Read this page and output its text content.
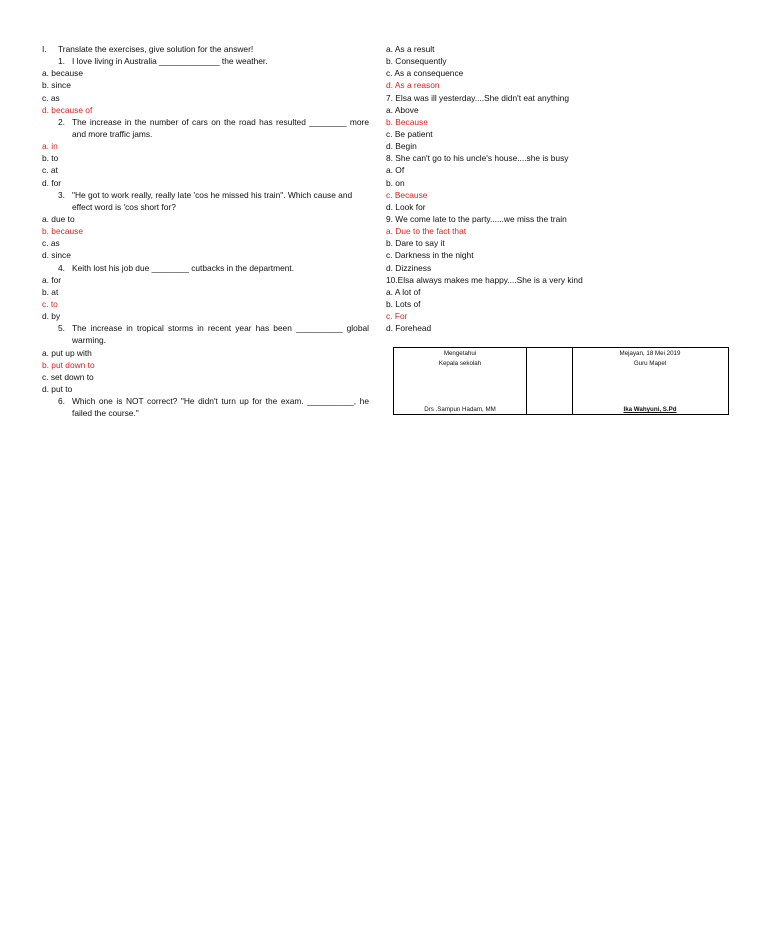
I. Translate the exercises, give solution for the answer!
1. I love living in Australia _____________ the weather.
a. because
b. since
c. as
d. because of
2. The increase in the number of cars on the road has resulted ________ more and more traffic jams.
a. in
b. to
c. at
d. for
3. "He got to work really, really late 'cos he missed his train". Which cause and effect word is 'cos short for?
a. due to
b. because
c. as
d. since
4. Keith lost his job due ________ cutbacks in the department.
a. for
b. at
c. to
d. by
5. The increase in tropical storms in recent year has been __________ global warming.
a. put up with
b. put down to
c. set down to
d. put to
6. Which one is NOT correct? "He didn't turn up for the exam. __________, he failed the course."
a. As a result
b. Consequently
c. As a consequence
d. As a reason
7. Elsa was ill yesterday....She didn't eat anything
a. Above
b. Because
c. Be patient
d. Begin
8. She can't go to his uncle's house....she is busy
a. Of
b. on
c. Because
d. Look for
9. We come late to the party......we miss the train
a. Due to the fact that
b. Dare to say it
c. Darkness in the night
d. Dizziness
10.Elsa always makes me happy....She is a very kind
a. A lot of
b. Lots of
c. For
d. Forehead
Mengetahui
Kepala sekolah
Drs .Sampun Hadam, MM
Mejayan, 18 Mei 2019
Guru Mapel
Ika Wahyuni, S.Pd
